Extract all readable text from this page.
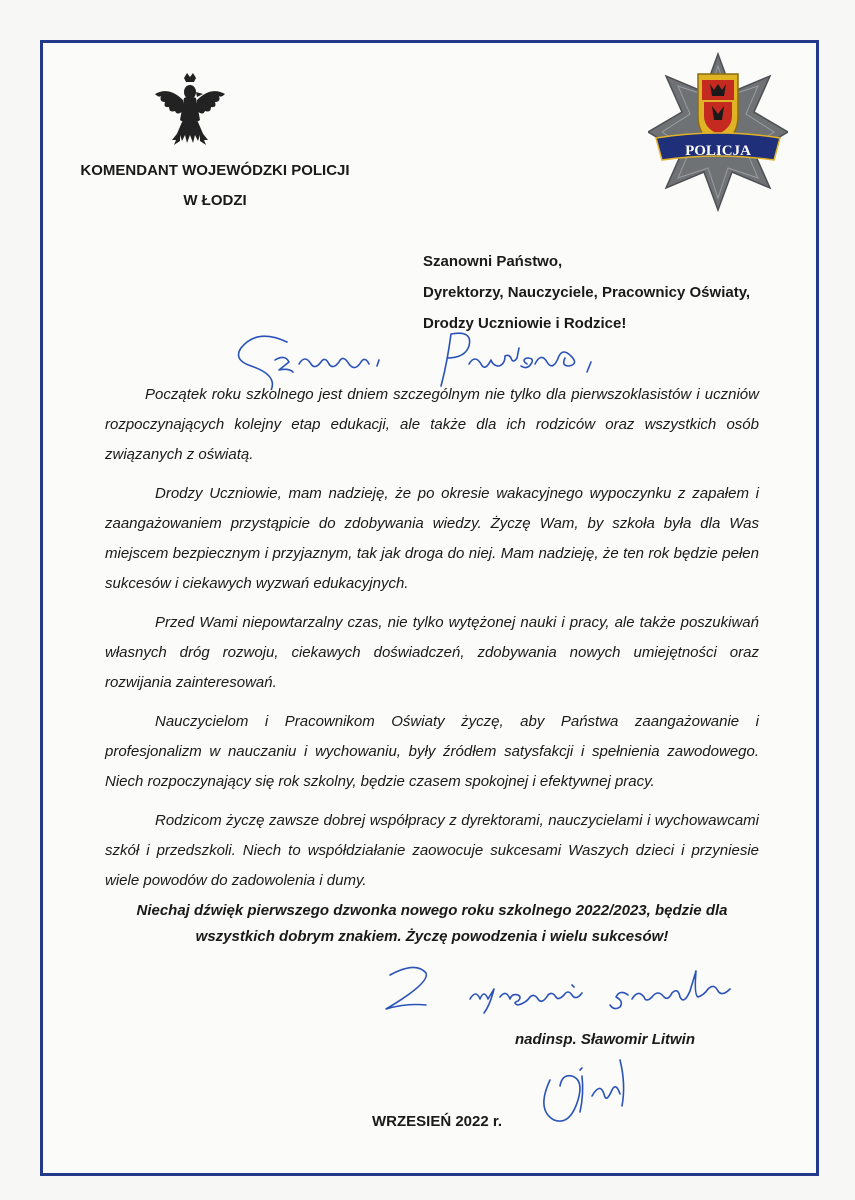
KOMENDANT WOJEWÓDZKI POLICJI
W ŁODZI
POLICJA
Szanowni Państwo,
Dyrektorzy, Nauczyciele, Pracownicy Oświaty,
Drodzy Uczniowie i Rodzice!

Początek roku szkolnego jest dniem szczególnym nie tylko dla pierwszoklasistów i uczniów rozpoczynających kolejny etap edukacji, ale także dla ich rodziców oraz wszystkich osób związanych z oświatą.

Drodzy Uczniowie, mam nadzieję, że po okresie wakacyjnego wypoczynku z zapałem i zaangażowaniem przystąpicie do zdobywania wiedzy. Życzę Wam, by szkoła była dla Was miejscem bezpiecznym i przyjaznym, tak jak droga do niej. Mam nadzieję, że ten rok będzie pełen sukcesów i ciekawych wyzwań edukacyjnych.

Przed Wami niepowtarzalny czas, nie tylko wytężonej nauki i pracy, ale także poszukiwań własnych dróg rozwoju, ciekawych doświadczeń, zdobywania nowych umiejętności oraz rozwijania zainteresowań.

Nauczycielom i Pracownikom Oświaty życzę, aby Państwa zaangażowanie i profesjonalizm w nauczaniu i wychowaniu, były źródłem satysfakcji i spełnienia zawodowego. Niech rozpoczynający się rok szkolny, będzie czasem spokojnej i efektywnej pracy.

Rodzicom życzę zawsze dobrej współpracy z dyrektorami, nauczycielami i wychowawcami szkół i przedszkoli. Niech to współdziałanie zaowocuje sukcesami Waszych dzieci i przyniesie wiele powodów do zadowolenia i dumy.

Niechaj dźwięk pierwszego dzwonka nowego roku szkolnego 2022/2023, będzie dla
wszystkich dobrym znakiem. Życzę powodzenia i wielu sukcesów!
nadinsp. Sławomir Litwin
WRZESIEŃ 2022 r.
